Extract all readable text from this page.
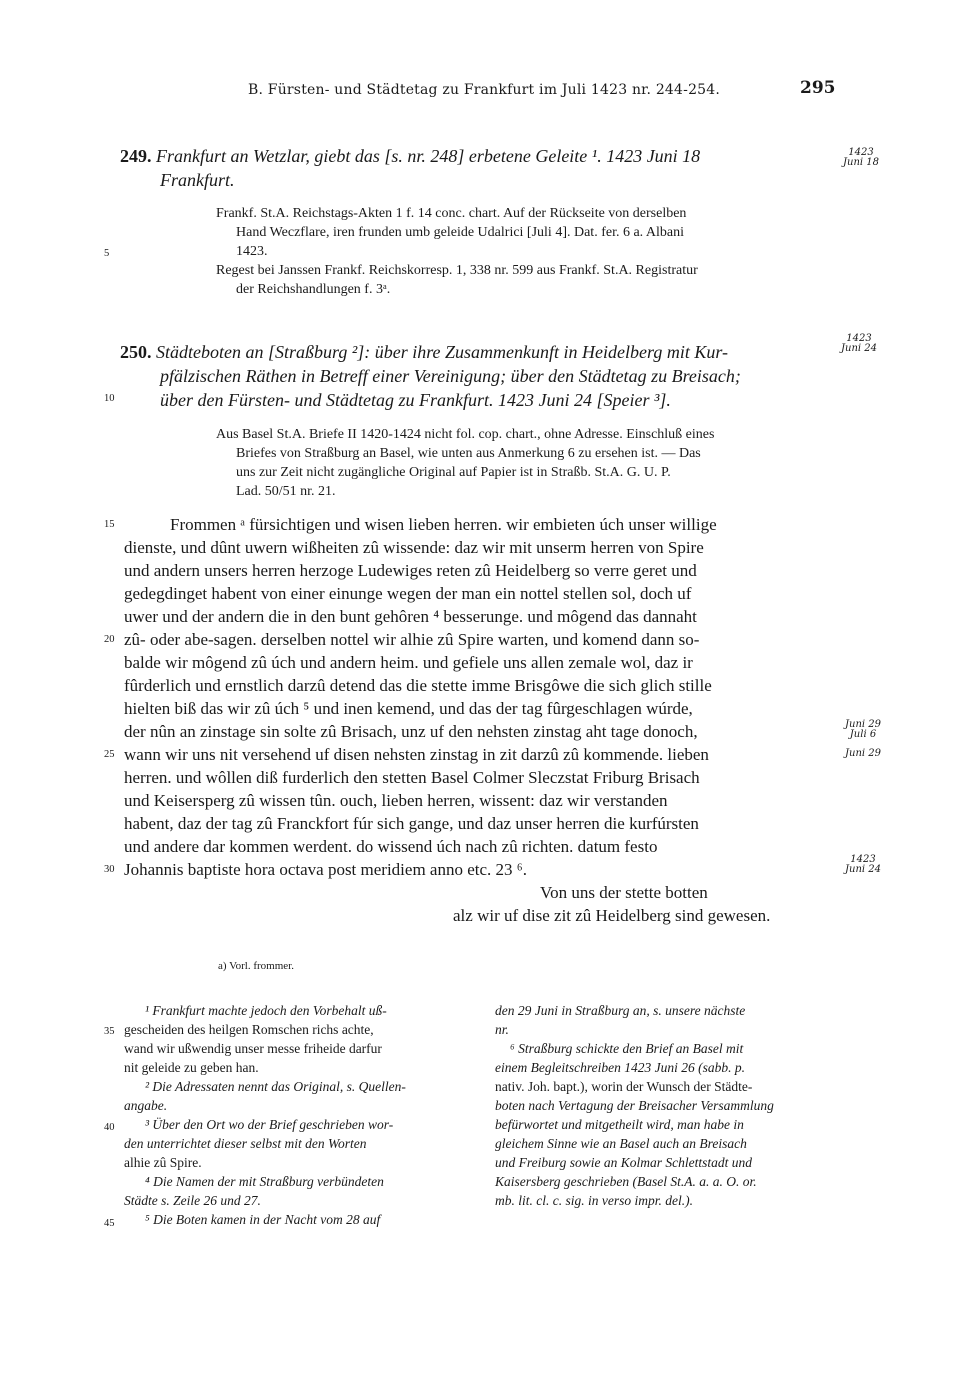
B. Fürsten- und Städtetag zu Frankfurt im Juli 1423 nr. 244-254.	295
249. Frankfurt an Wetzlar, giebt das [s. nr. 248] erbetene Geleite ¹. 1423 Juni 18
Frankfurt.
1423
Juni 18
Frankf. St.A. Reichstags-Akten 1 f. 14 conc. chart. Auf der Rückseite von derselben
Hand Weczflare, iren frunden umb geleide Udalrici [Juli 4]. Dat. fer. 6 a. Albani
1423.
Regest bei Janssen Frankf. Reichskorresp. 1, 338 nr. 599 aus Frankf. St.A. Registratur
der Reichshandlungen f. 3ᵃ.
250. Städteboten an [Straßburg ²]: über ihre Zusammenkunft in Heidelberg mit Kur-
pfälzischen Räthen in Betreff einer Vereinigung; über den Städtetag zu Breisach;
über den Fürsten- und Städtetag zu Frankfurt. 1423 Juni 24 [Speier ³].
1423
Juni 24
Aus Basel St.A. Briefe II 1420-1424 nicht fol. cop. chart., ohne Adresse. Einschluß eines
Briefes von Straßburg an Basel, wie unten aus Anmerkung 6 zu ersehen ist. — Das
uns zur Zeit nicht zugängliche Original auf Papier ist in Straßb. St.A. G. U. P.
Lad. 50/51 nr. 21.
Frommen ᵃ fürsichtigen und wisen lieben herren. wir embieten úch unser willige
dienste, und dûnt uwern wißheiten zû wissende: daz wir mit unserm herren von Spire
und andern unsers herren herzoge Ludewiges reten zû Heidelberg so verre geret und
gedegdinget habent von einer einunge wegen der man ein nottel stellen sol, doch uf
uwer und der andern die in den bunt gehôren ⁴ besserunge. und môgend das dannaht
zû- oder abe-sagen. derselben nottel wir alhie zû Spire warten, und komend dann so-
balde wir môgend zû úch und andern heim. und gefiele uns allen zemale wol, daz ir
fûrderlich und ernstlich darzû detend das die stette imme Brisgôwe die sich glich stille
hielten biß das wir zû úch ⁵ und inen kemend, und das der tag fûrgeschlagen wúrde,
der nûn an zinstage sin solte zû Brisach, unz uf den nehsten zinstag aht tage donoch,
wann wir uns nit versehend uf disen nehsten zinstag in zit darzû zû kommende. lieben
herren. und wôllen diß furderlich den stetten Basel Colmer Sleczstat Friburg Brisach
und Keisersperg zû wissen tûn. ouch, lieben herren, wissent: daz wir verstanden
habent, daz der tag zû Franckfort fúr sich gange, und daz unser herren die kurfúrsten
und andere dar kommen werdent. do wissend úch nach zû richten. datum festo
Johannis baptiste hora octava post meridiem anno etc. 23 ⁶.
Von uns der stette botten
alz wir uf dise zit zû Heidelberg sind gewesen.
Juni 29
Juli 6
Juni 29
1423
Juni 24
a) Vorl. frommer.
5
10
15
20
25
30
35
40
45
¹ Frankfurt machte jedoch den Vorbehalt uß-
gescheiden des heilgen Romschen richs achte,
wand wir ußwendig unser messe friheide darfur
nit geleide zu geben han.
² Die Adressaten nennt das Original, s. Quellen-
angabe.
³ Über den Ort wo der Brief geschrieben wor-
den unterrichtet dieser selbst mit den Worten
alhie zû Spire.
⁴ Die Namen der mit Straßburg verbündeten
Städte s. Zeile 26 und 27.
⁵ Die Boten kamen in der Nacht vom 28 auf
den 29 Juni in Straßburg an, s. unsere nächste
nr.
⁶ Straßburg schickte den Brief an Basel mit
einem Begleitschreiben 1423 Juni 26 (sabb. p.
nativ. Joh. bapt.), worin der Wunsch der Städte-
boten nach Vertagung der Breisacher Versammlung
befürwortet und mitgetheilt wird, man habe in
gleichem Sinne wie an Basel auch an Breisach
und Freiburg sowie an Kolmar Schlettstadt und
Kaisersberg geschrieben (Basel St.A. a. a. O. or.
mb. lit. cl. c. sig. in verso impr. del.).
